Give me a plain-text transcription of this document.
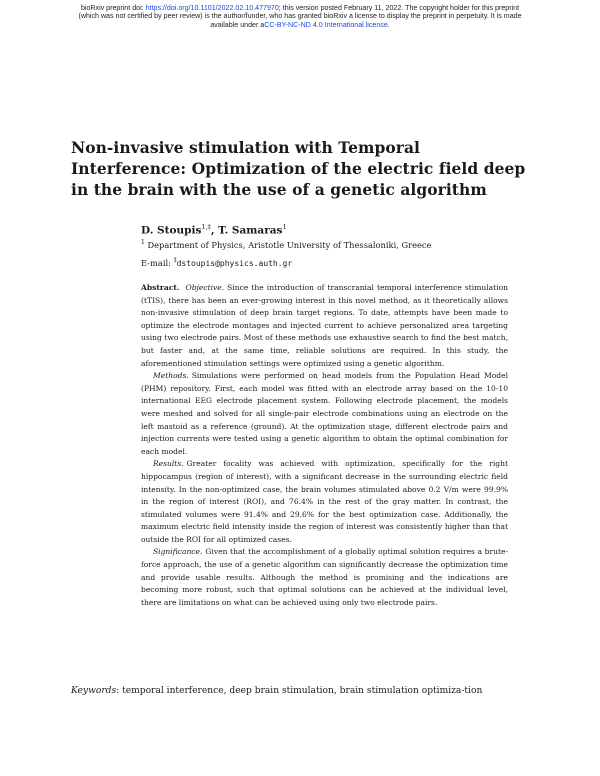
bioRxiv preprint doi: https://doi.org/10.1101/2022.02.10.477970; this version posted February 11, 2022. The copyright holder for this preprint
(which was not certified by peer review) is the author/funder, who has granted bioRxiv a license to display the preprint in perpetuity. It is made
available under aCC-BY-NC-ND 4.0 International license.
Non-invasive stimulation with Temporal
Interference: Optimization of the electric field deep
in the brain with the use of a genetic algorithm
D. Stoupis$^{1,\ddagger}$, T. Samaras$^1$
$^1$ Department of Physics, Aristotle University of Thessaloniki, Greece
E-mail: ‡dstoupis@physics.auth.gr

Abstract. Objective. Since the introduction of transcranial temporal interference stimulation (tTIS), there has been an ever-growing interest in this novel method, as it theoretically allows non-invasive stimulation of deep brain target regions. To date, attempts have been made to optimize the electrode montages and injected current to achieve personalized area targeting using two electrode pairs. Most of these methods use exhaustive search to find the best match, but faster and, at the same time, reliable solutions are required. In this study, the aforementioned stimulation settings were optimized using a genetic algorithm.

Methods. Simulations were performed on head models from the Population Head Model (PHM) repository. First, each model was fitted with an electrode array based on the 10-10 international EEG electrode placement system. Following electrode placement, the models were meshed and solved for all single-pair electrode combinations using an electrode on the left mastoid as a reference (ground). At the optimization stage, different electrode pairs and injection currents were tested using a genetic algorithm to obtain the optimal combination for each model.

Results. Greater focality was achieved with optimization, specifically for the right hippocampus (region of interest), with a significant decrease in the surrounding electric field intensity. In the non-optimized case, the brain volumes stimulated above 0.2 V/m were 99.9% in the region of interest (ROI), and 76.4% in the rest of the gray matter. In contrast, the stimulated volumes were 91.4% and 29.6% for the best optimization case. Additionally, the maximum electric field intensity inside the region of interest was consistently higher than that outside the ROI for all optimized cases.

Significance. Given that the accomplishment of a globally optimal solution requires a brute-force approach, the use of a genetic algorithm can significantly decrease the optimization time and provide usable results. Although the method is promising and the indications are becoming more robust, such that optimal solutions can be achieved at the individual level, there are limitations on what can be achieved using only two electrode pairs.

Keywords: temporal interference, deep brain stimulation, brain stimulation optimiza-tion
